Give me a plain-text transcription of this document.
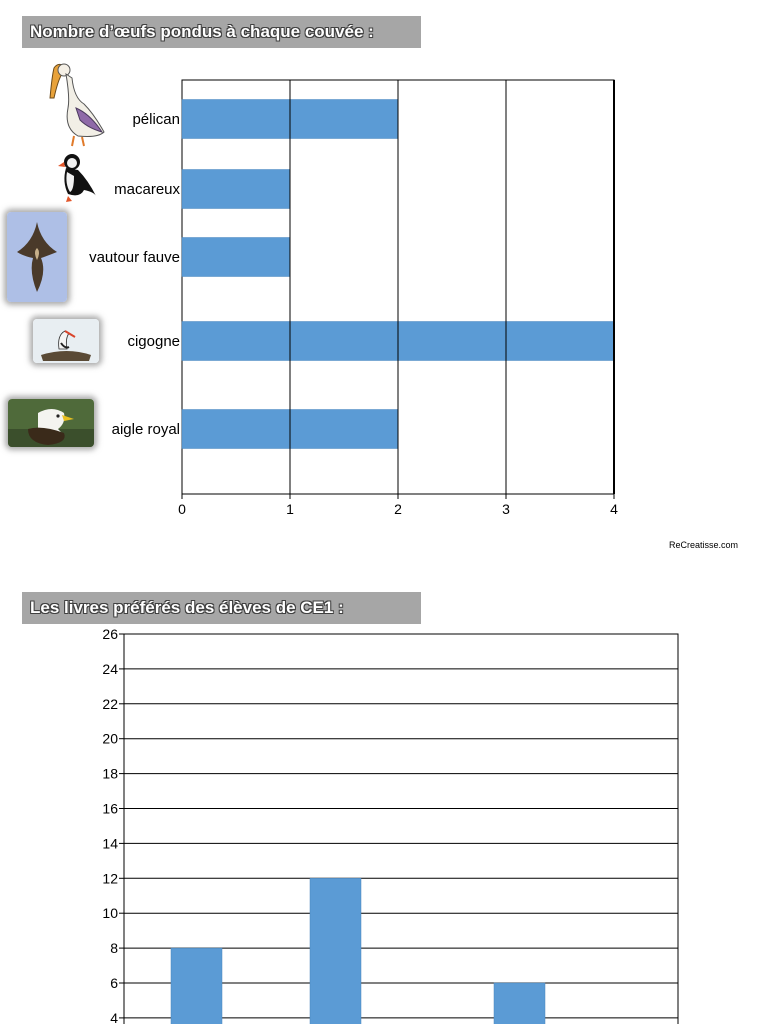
Nombre d’œufs pondus à chaque couvée :
Les livres préférés des élèves de CE1 :
ReCreatisse.com
0	1	2	3	4
pélican
macareux
vautour fauve
cigogne
aigle royal
4
6
8
10
12
14
16
18
20
22
24
26
